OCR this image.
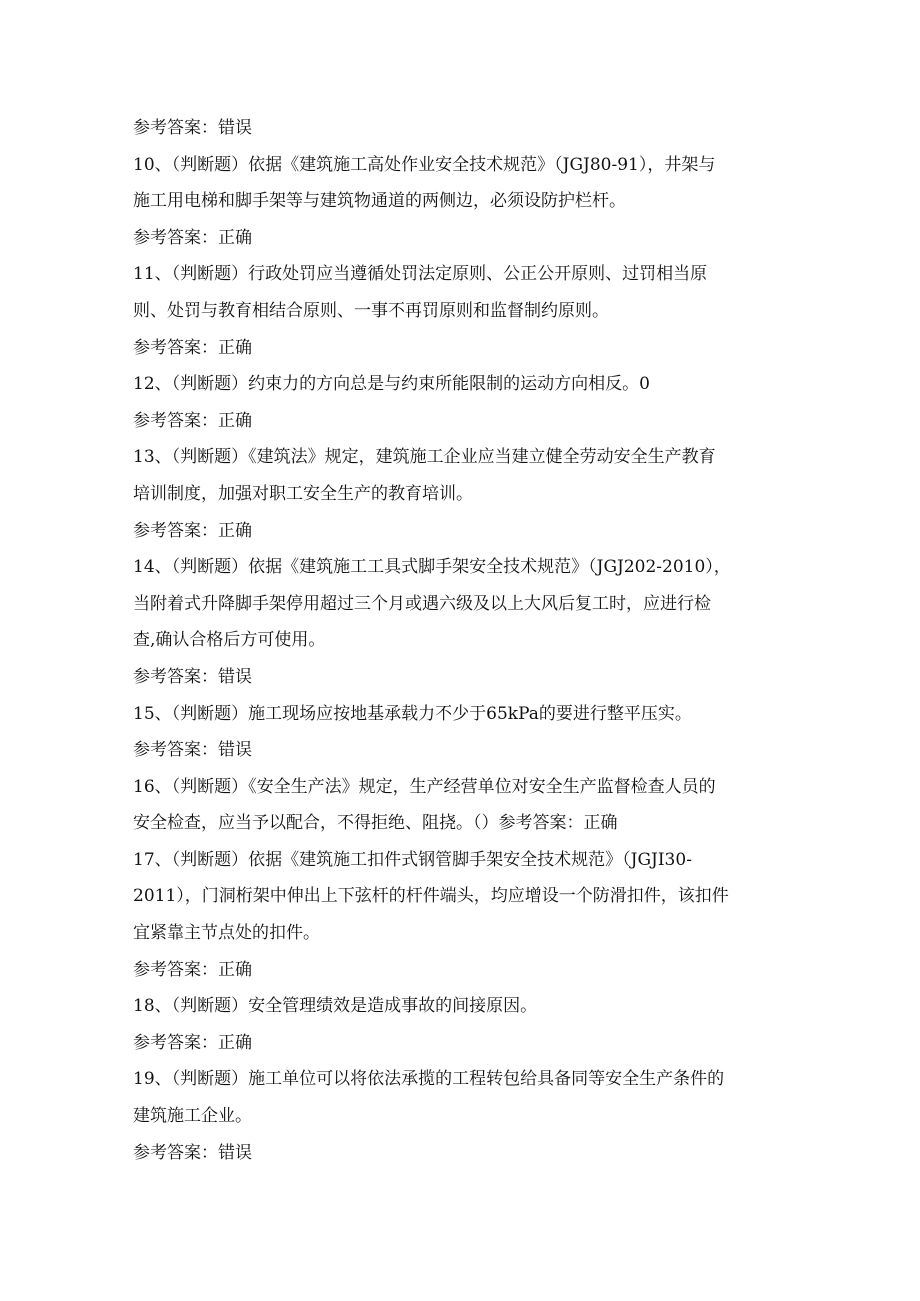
参考答案：错误
10、（判断题）依据《建筑施工高处作业安全技术规范》（JGJ80-91），井架与
施工用电梯和脚手架等与建筑物通道的两侧边，必须设防护栏杆。
参考答案：正确
11、（判断题）行政处罚应当遵循处罚法定原则、公正公开原则、过罚相当原
则、处罚与教育相结合原则、一事不再罚原则和监督制约原则。
参考答案：正确
12、（判断题）约束力的方向总是与约束所能限制的运动方向相反。0
参考答案：正确
13、（判断题）《建筑法》规定，建筑施工企业应当建立健全劳动安全生产教育
培训制度，加强对职工安全生产的教育培训。
参考答案：正确
14、（判断题）依据《建筑施工工具式脚手架安全技术规范》（JGJ202-2010），
当附着式升降脚手架停用超过三个月或遇六级及以上大风后复工时，应进行检
查,确认合格后方可使用。
参考答案：错误
15、（判断题）施工现场应按地基承载力不少于65kPa的要进行整平压实。
参考答案：错误
16、（判断题）《安全生产法》规定，生产经营单位对安全生产监督检查人员的
安全检查，应当予以配合，不得拒绝、阻挠。（）参考答案：正确
17、（判断题）依据《建筑施工扣件式钢管脚手架安全技术规范》（JGJI30-
2011），门洞桁架中伸出上下弦杆的杆件端头，均应增设一个防滑扣件，该扣件
宜紧靠主节点处的扣件。
参考答案：正确
18、（判断题）安全管理绩效是造成事故的间接原因。
参考答案：正确
19、（判断题）施工单位可以将依法承揽的工程转包给具备同等安全生产条件的
建筑施工企业。
参考答案：错误
